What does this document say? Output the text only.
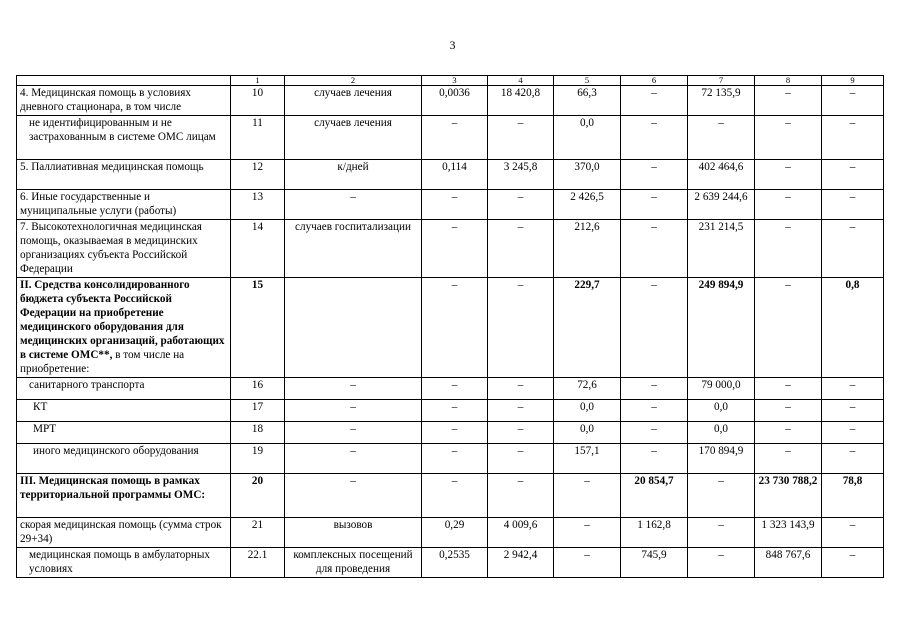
3
	1	2	3	4	5	6	7	8	9
4. Медицинская помощь в условиях дневного стационара, в том числе	10	случаев лечения	0,0036	18 420,8	66,3	–	72 135,9	–	–
не идентифицированным и не застрахованным в системе ОМС лицам	11	случаев лечения	–	–	0,0	–	–	–	–
5. Паллиативная медицинская помощь	12	к/дней	0,114	3 245,8	370,0	–	402 464,6	–	–
6. Иные государственные и муниципальные услуги (работы)	13	–	–	–	2 426,5	–	2 639 244,6	–	–
7. Высокотехнологичная медицинская помощь, оказываемая в медицинских организациях субъекта Российской Федерации	14	случаев госпитализации	–	–	212,6	–	231 214,5	–	–
II. Средства консолидированного бюджета субъекта Российской Федерации на приобретение медицинского оборудования для медицинских организаций, работающих в системе ОМС**, в том числе на приобретение:	15		–	–	229,7	–	249 894,9	–	0,8
санитарного транспорта	16	–	–	–	72,6	–	79 000,0	–	–
КТ	17	–	–	–	0,0	–	0,0	–	–
МРТ	18	–	–	–	0,0	–	0,0	–	–
иного медицинского оборудования	19	–	–	–	157,1	–	170 894,9	–	–
III. Медицинская помощь в рамках территориальной программы ОМС:	20	–	–	–	–	20 854,7	–	23 730 788,2	78,8
скорая медицинская помощь (сумма строк 29+34)	21	вызовов	0,29	4 009,6	–	1 162,8	–	1 323 143,9	–
медицинская помощь в амбулаторных условиях	22.1	комплексных посещений для проведения	0,2535	2 942,4	–	745,9	–	848 767,6	–
